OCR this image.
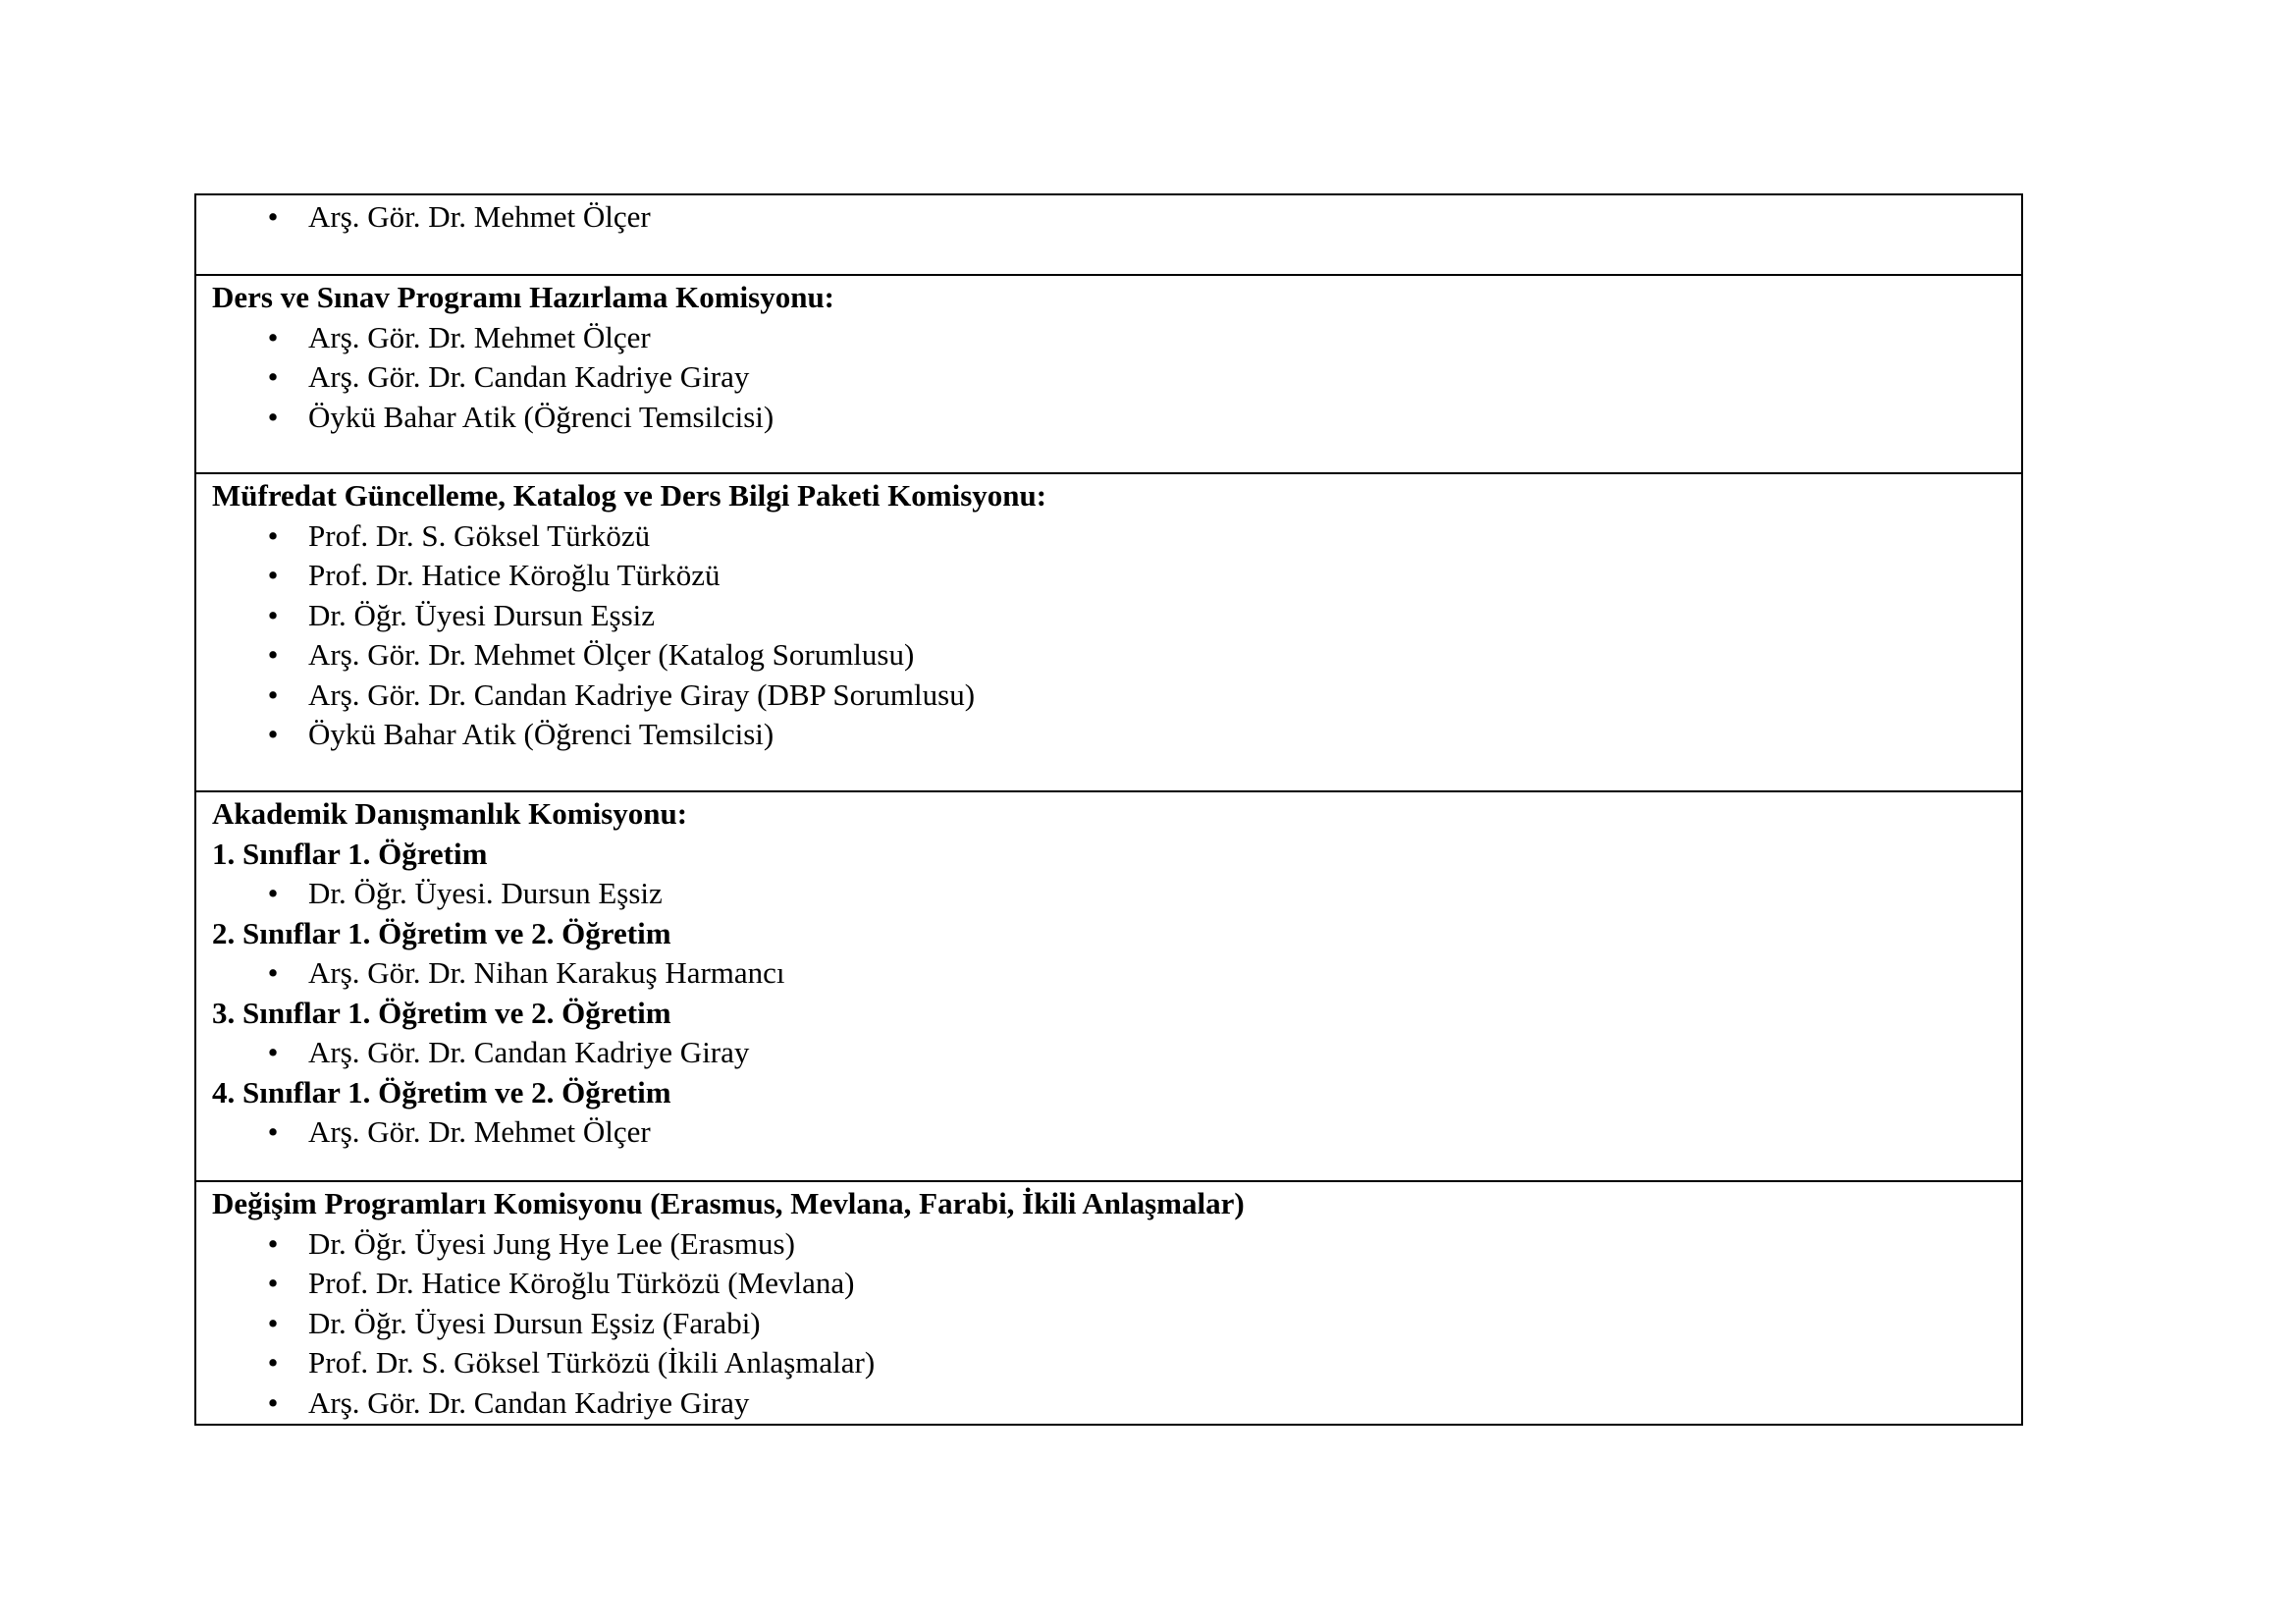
• Arş. Gör. Dr. Mehmet Ölçer
Ders ve Sınav Programı Hazırlama Komisyonu:
• Arş. Gör. Dr. Mehmet Ölçer
• Arş. Gör. Dr. Candan Kadriye Giray
• Öykü Bahar Atik (Öğrenci Temsilcisi)
Müfredat Güncelleme, Katalog ve Ders Bilgi Paketi Komisyonu:
• Prof. Dr. S. Göksel Türközü
• Prof. Dr. Hatice Köroğlu Türközü
• Dr. Öğr. Üyesi Dursun Eşsiz
• Arş. Gör. Dr. Mehmet Ölçer (Katalog Sorumlusu)
• Arş. Gör. Dr. Candan Kadriye Giray (DBP Sorumlusu)
• Öykü Bahar Atik (Öğrenci Temsilcisi)
Akademik Danışmanlık Komisyonu:
1. Sınıflar 1. Öğretim
• Dr. Öğr. Üyesi. Dursun Eşsiz
2. Sınıflar 1. Öğretim ve 2. Öğretim
• Arş. Gör. Dr. Nihan Karakuş Harmancı
3. Sınıflar 1. Öğretim ve 2. Öğretim
• Arş. Gör. Dr. Candan Kadriye Giray
4. Sınıflar 1. Öğretim ve 2. Öğretim
• Arş. Gör. Dr. Mehmet Ölçer
Değişim Programları Komisyonu (Erasmus, Mevlana, Farabi, İkili Anlaşmalar)
• Dr. Öğr. Üyesi Jung Hye Lee (Erasmus)
• Prof. Dr. Hatice Köroğlu Türközü (Mevlana)
• Dr. Öğr. Üyesi Dursun Eşsiz (Farabi)
• Prof. Dr. S. Göksel Türközü (İkili Anlaşmalar)
• Arş. Gör. Dr. Candan Kadriye Giray
